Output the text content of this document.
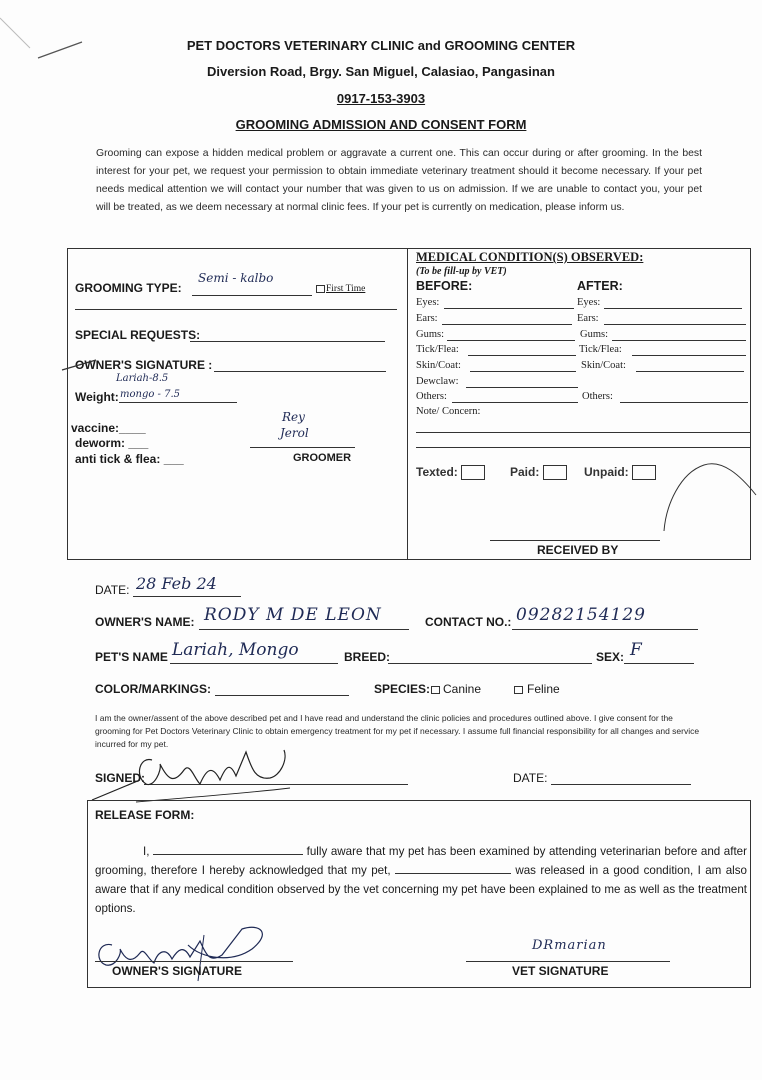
PET DOCTORS VETERINARY CLINIC and GROOMING CENTER
Diversion Road, Brgy. San Miguel, Calasiao, Pangasinan
0917-153-3903
GROOMING ADMISSION AND CONSENT FORM
Grooming can expose a hidden medical problem or aggravate a current one. This can occur during or after grooming. In the best interest for your pet, we request your permission to obtain immediate veterinary treatment should it become necessary. If your pet needs medical attention we will contact your number that was given to us on admission. If we are unable to contact you, your pet will be treated, as we deem necessary at normal clinic fees. If your pet is currently on medication, please inform us.
GROOMING TYPE:
Semi - kalbo
First Time
SPECIAL REQUESTS:
OWNER'S SIGNATURE :
Lariah-8.5
Weight: mongo - 7.5
vaccine:____
deworm: ___
anti tick & flea: ___
Rey
Jerol
GROOMER
MEDICAL CONDITION(S) OBSERVED:
(To be fill-up by VET)
BEFORE:	AFTER:
Eyes:	Eyes:
Ears:	Ears:
Gums:	Gums:
Tick/Flea:	Tick/Flea:
Skin/Coat:	Skin/Coat:
Dewclaw:
Others:	Others:
Note/ Concern:
Texted:	Paid:	Unpaid:
RECEIVED BY
DATE: 28 Feb 24
OWNER'S NAME: RODY M DE LEON	CONTACT NO.: 09282154129
PET'S NAME Lariah, Mongo	BREED:	SEX: F
COLOR/MARKINGS:	SPECIES: Canine	Feline
I am the owner/assent of the above described pet and I have read and understand the clinic policies and procedures outlined above. I give consent for the grooming for Pet Doctors Veterinary Clinic to obtain emergency treatment for my pet if necessary. I assume full financial responsibility for all changes and service incurred for my pet.
SIGNED:	DATE:
RELEASE FORM:
I,	fully aware that my pet has been examined by attending veterinarian before and after grooming, therefore I hereby acknowledged that my pet,	was released in a good condition, I am also aware that if any medical condition observed by the vet concerning my pet have been explained to me as well as the treatment options.
OWNER'S SIGNATURE
DRmarian
VET SIGNATURE
